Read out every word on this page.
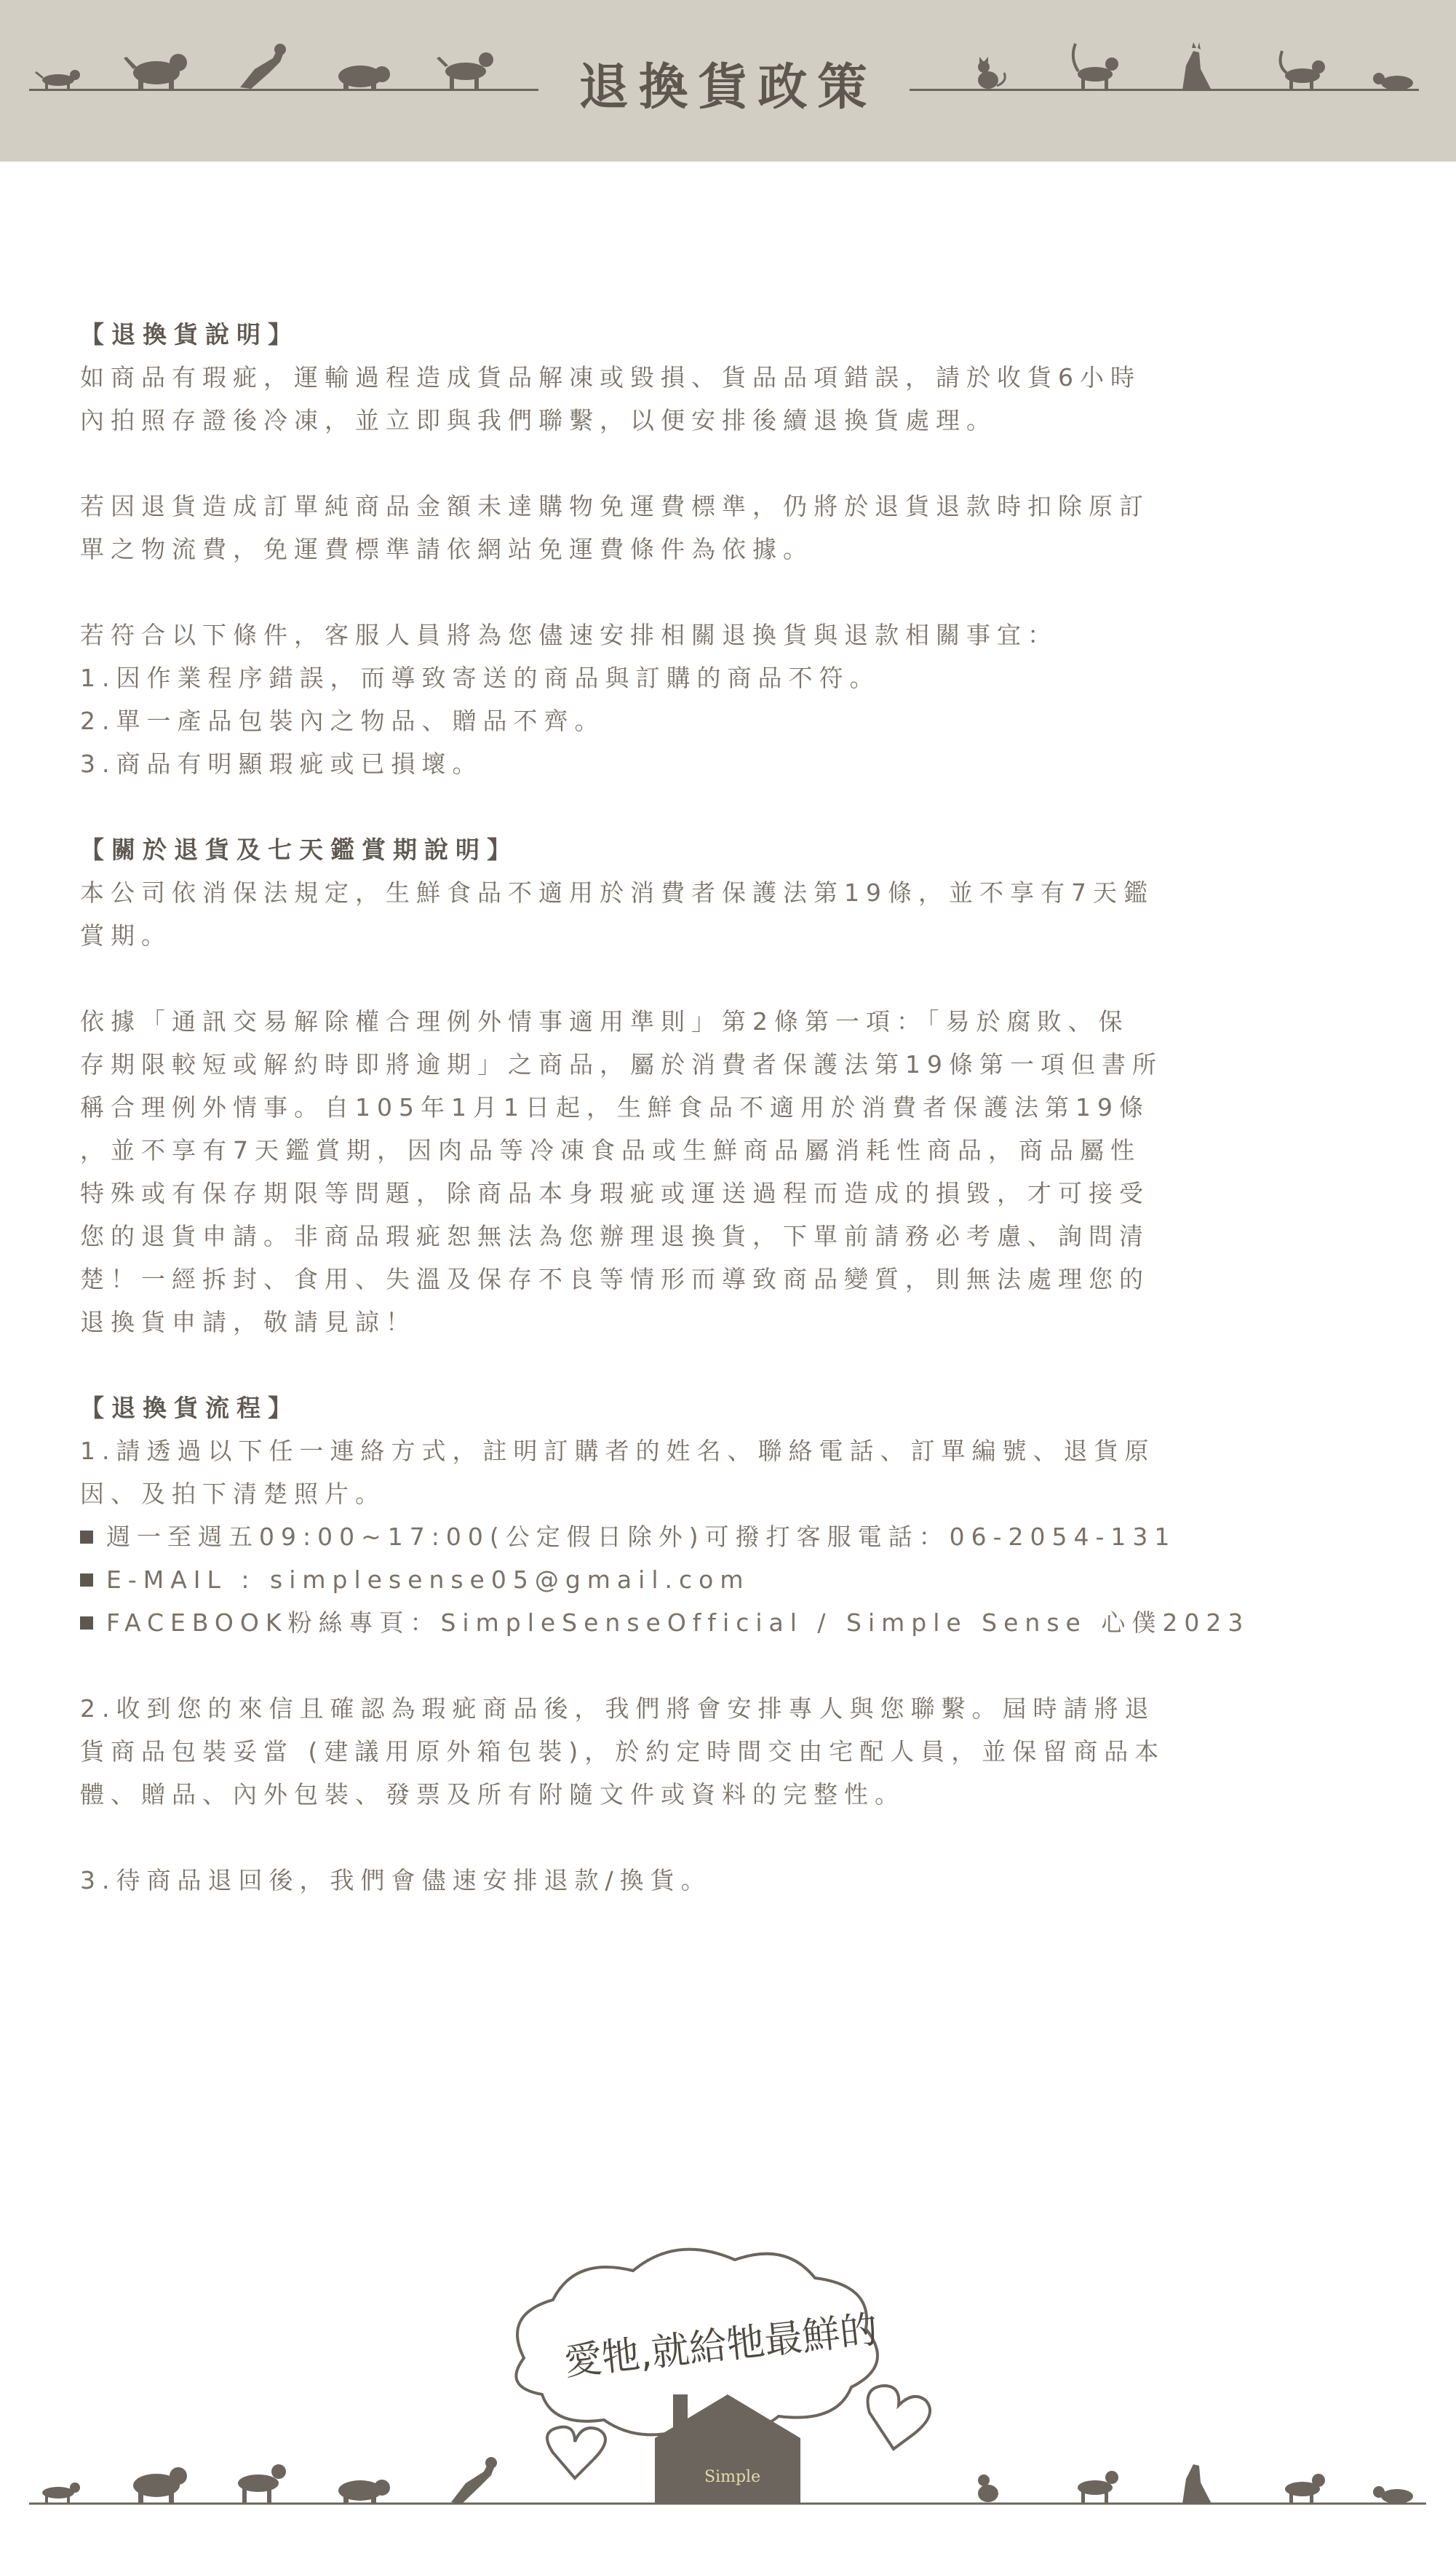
退換貨政策
【退換貨說明】
如商品有瑕疵，運輸過程造成貨品解凍或毀損、貨品品項錯誤，請於收貨6小時
內拍照存證後冷凍，並立即與我們聯繫，以便安排後續退換貨處理。
若因退貨造成訂單純商品金額未達購物免運費標準，仍將於退貨退款時扣除原訂
單之物流費，免運費標準請依網站免運費條件為依據。
若符合以下條件，客服人員將為您儘速安排相關退換貨與退款相關事宜：
1.因作業程序錯誤，而導致寄送的商品與訂購的商品不符。
2.單一產品包裝內之物品、贈品不齊。
3.商品有明顯瑕疵或已損壞。
【關於退貨及七天鑑賞期說明】
本公司依消保法規定，生鮮食品不適用於消費者保護法第19條，並不享有7天鑑
賞期。
依據「通訊交易解除權合理例外情事適用準則」第2條第一項：「易於腐敗、保
存期限較短或解約時即將逾期」之商品，屬於消費者保護法第19條第一項但書所
稱合理例外情事。自105年1月1日起，生鮮食品不適用於消費者保護法第19條
，並不享有7天鑑賞期，因肉品等冷凍食品或生鮮商品屬消耗性商品，商品屬性
特殊或有保存期限等問題，除商品本身瑕疵或運送過程而造成的損毀，才可接受
您的退貨申請。非商品瑕疵恕無法為您辦理退換貨，下單前請務必考慮、詢問清
楚！一經拆封、食用、失溫及保存不良等情形而導致商品變質，則無法處理您的
退換貨申請，敬請見諒！
【退換貨流程】
1.請透過以下任一連絡方式，註明訂購者的姓名、聯絡電話、訂單編號、退貨原
因、及拍下清楚照片。
週一至週五09:00~17:00(公定假日除外)可撥打客服電話：06-2054-131
E-MAIL : simplesense05@gmail.com
FACEBOOK粉絲專頁：SimpleSenseOfficial / Simple Sense 心僕2023
2.收到您的來信且確認為瑕疵商品後，我們將會安排專人與您聯繫。屆時請將退
貨商品包裝妥當 (建議用原外箱包裝)，於約定時間交由宅配人員，並保留商品本
體、贈品、內外包裝、發票及所有附隨文件或資料的完整性。
3.待商品退回後，我們會儘速安排退款/換貨。
愛牠,就給牠最鮮的
Simple
